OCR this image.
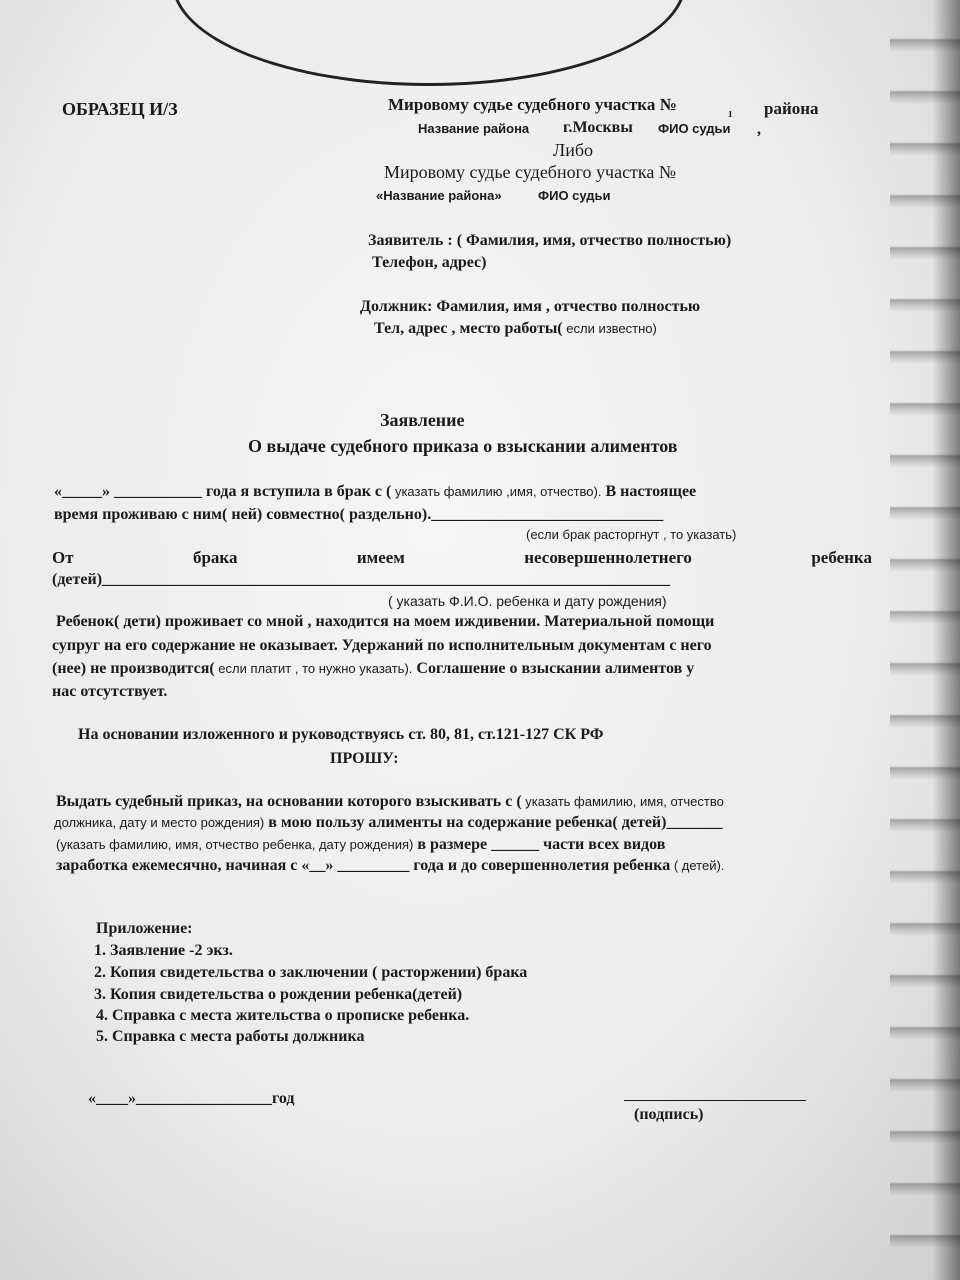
ОБРАЗЕЦ И/З	Мировому судье судебного участка №	₁ района
Название района г.Москвы ФИО судьи ,
Либо
Мировому судье судебного участка №
«Название района»	ФИО судьи
Заявитель : ( Фамилия, имя, отчество полностью)
Телефон, адрес)
Должник: Фамилия, имя , отчество полностью
Тел, адрес , место работы( если известно)
Заявление
О выдаче судебного приказа о взыскании алиментов
«_____» ___________ года я вступила в брак с ( указать фамилию ,имя, отчество). В настоящее
время проживаю с ним( ней) совместно( раздельно)._____________________________
(если брак расторгнут , то указать)
От	брака	имеем	несовершеннолетнего	ребенка
(детей)_______________________________________________________________________
( указать Ф.И.О. ребенка и дату рождения)
Ребенок( дети) проживает со мной , находится на моем иждивении. Материальной помощи
супруг на его содержание не оказывает. Удержаний по исполнительным документам с него
(нее) не производится( если платит , то нужно указать). Соглашение о взыскании алиментов у
нас отсутствует.
На основании изложенного и руководствуясь ст. 80, 81, ст.121-127 СК РФ
ПРОШУ:
Выдать судебный приказ, на основании которого взыскивать с ( указать фамилию, имя, отчество
должника, дату и место рождения) в мою пользу алименты на содержание ребенка( детей)_______
(указать фамилию, имя, отчество ребенка, дату рождения) в размере ______ части всех видов
заработка ежемесячно, начиная с «__» _________ года и до совершеннолетия ребенка ( детей).
Приложение:
1. Заявление -2 экз.
2. Копия свидетельства о заключении ( расторжении) брака
3. Копия свидетельства о рождении ребенка(детей)
4. Справка с места жительства о прописке ребенка.
5. Справка с места работы должника
«____»_________________год
(подпись)
